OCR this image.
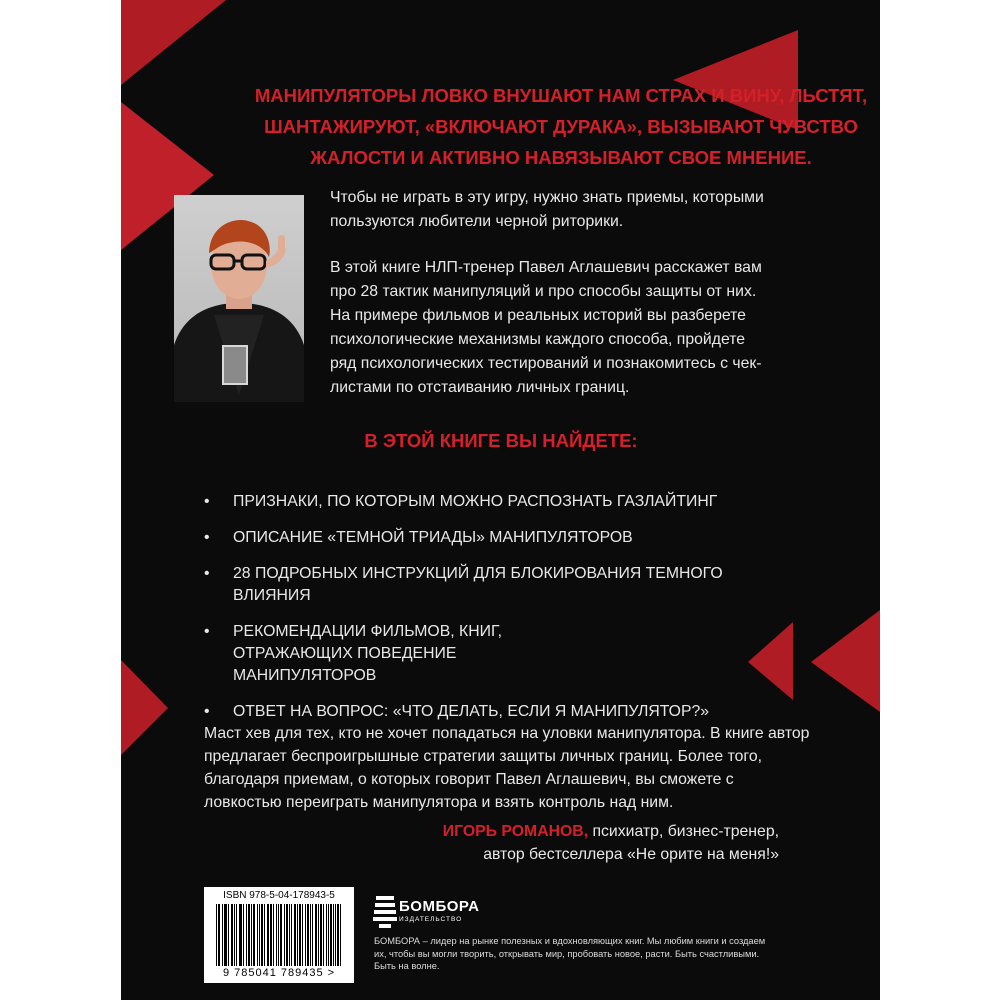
МАНИПУЛЯТОРЫ ЛОВКО ВНУШАЮТ НАМ СТРАХ И ВИНУ, ЛЬСТЯТ,
ШАНТАЖИРУЮТ, «ВКЛЮЧАЮТ ДУРАКА», ВЫЗЫВАЮТ ЧУВСТВО
ЖАЛОСТИ И АКТИВНО НАВЯЗЫВАЮТ СВОЕ МНЕНИЕ.

Чтобы не играть в эту игру, нужно знать приемы, которыми пользуются любители черной риторики.

В этой книге НЛП-тренер Павел Аглашевич расскажет вам про 28 тактик манипуляций и про способы защиты от них. На примере фильмов и реальных историй вы разберете психологические механизмы каждого способа, пройдете ряд психологических тестирований и познакомитесь с чек-листами по отстаиванию личных границ.

В ЭТОЙ КНИГЕ ВЫ НАЙДЕТЕ:
• ПРИЗНАКИ, ПО КОТОРЫМ МОЖНО РАСПОЗНАТЬ ГАЗЛАЙТИНГ
• ОПИСАНИЕ «ТЕМНОЙ ТРИАДЫ» МАНИПУЛЯТОРОВ
• 28 ПОДРОБНЫХ ИНСТРУКЦИЙ ДЛЯ БЛОКИРОВАНИЯ ТЕМНОГО ВЛИЯНИЯ
• РЕКОМЕНДАЦИИ ФИЛЬМОВ, КНИГ, ОТРАЖАЮЩИХ ПОВЕДЕНИЕ МАНИПУЛЯТОРОВ
• ОТВЕТ НА ВОПРОС: «ЧТО ДЕЛАТЬ, ЕСЛИ Я МАНИПУЛЯТОР?»
Маст хев для тех, кто не хочет попадаться на уловки манипулятора. В книге автор предлагает беспроигрышные стратегии защиты личных границ. Более того, благодаря приемам, о которых говорит Павел Аглашевич, вы сможете с ловкостью переиграть манипулятора и взять контроль над ним.
ИГОРЬ РОМАНОВ, психиатр, бизнес-тренер,
автор бестселлера «Не орите на меня!»
ISBN 978-5-04-178943-5
9 785041 789435 >
БОМБОРА
ИЗДАТЕЛЬСТВО
БОМБОРА – лидер на рынке полезных и вдохновляющих книг. Мы любим книги и создаем их, чтобы вы могли творить, открывать мир, пробовать новое, расти. Быть счастливыми. Быть на волне.
